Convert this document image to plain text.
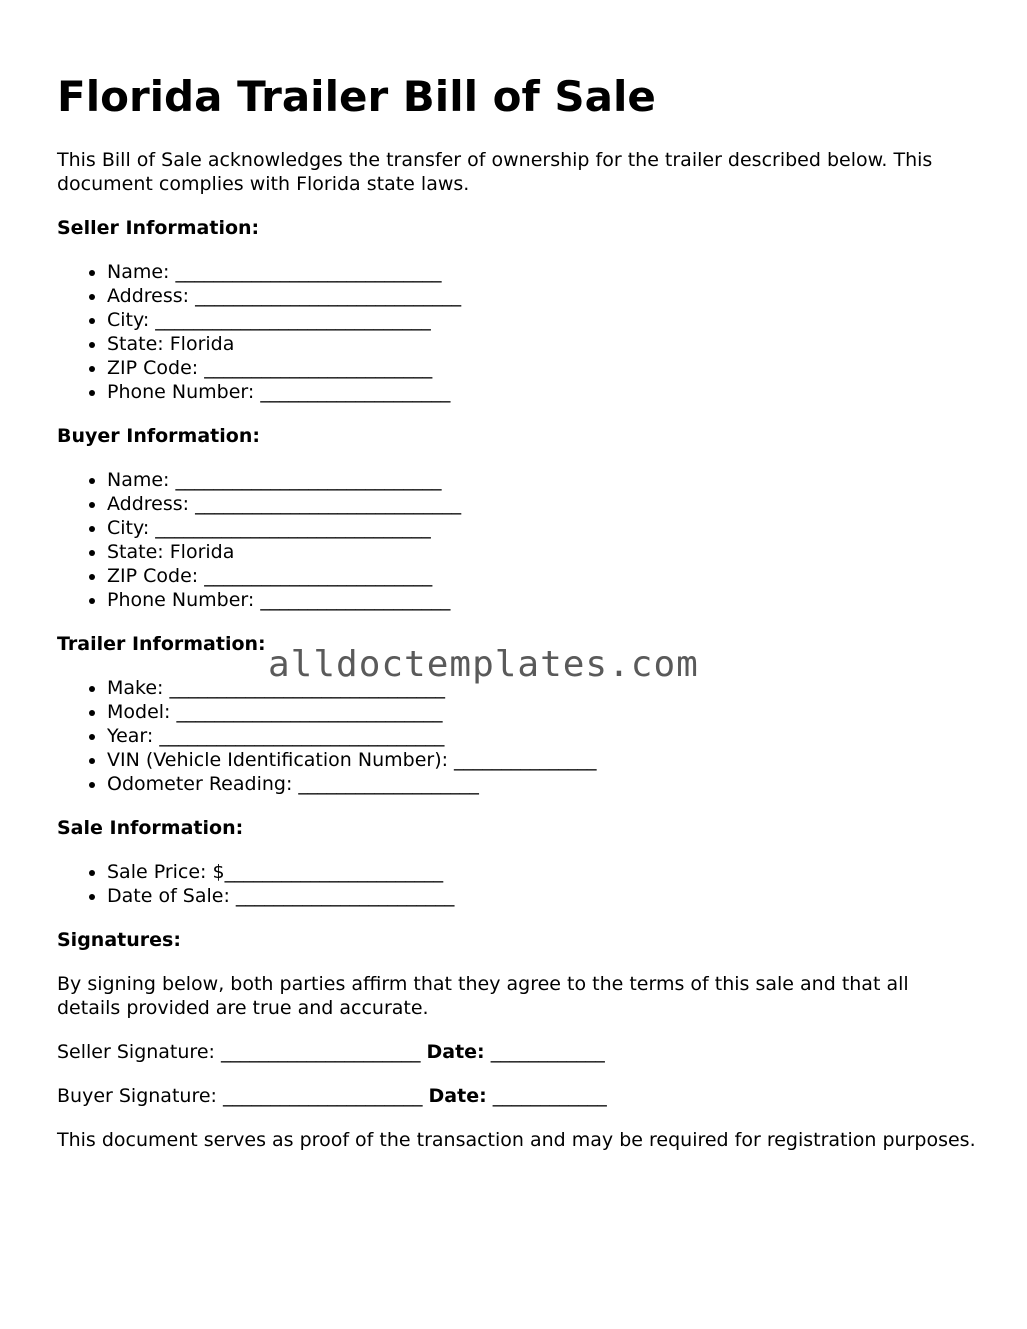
Florida Trailer Bill of Sale

This Bill of Sale acknowledges the transfer of ownership for the trailer described below. This document complies with Florida state laws.

Seller Information:

• Name: ____________________________
• Address: ____________________________
• City: _____________________________
• State: Florida
• ZIP Code: ________________________
• Phone Number: ____________________

Buyer Information:

• Name: ____________________________
• Address: ____________________________
• City: _____________________________
• State: Florida
• ZIP Code: ________________________
• Phone Number: ____________________

Trailer Information:

• Make: _____________________________
• Model: ____________________________
• Year: ______________________________
• VIN (Vehicle Identification Number): _______________
• Odometer Reading: ___________________

Sale Information:

• Sale Price: $_______________________
• Date of Sale: _______________________

Signatures:

By signing below, both parties affirm that they agree to the terms of this sale and that all details provided are true and accurate.

Seller Signature: _____________________ Date: ____________

Buyer Signature: _____________________ Date: ____________

This document serves as proof of the transaction and may be required for registration purposes.

alldoctemplates.com
